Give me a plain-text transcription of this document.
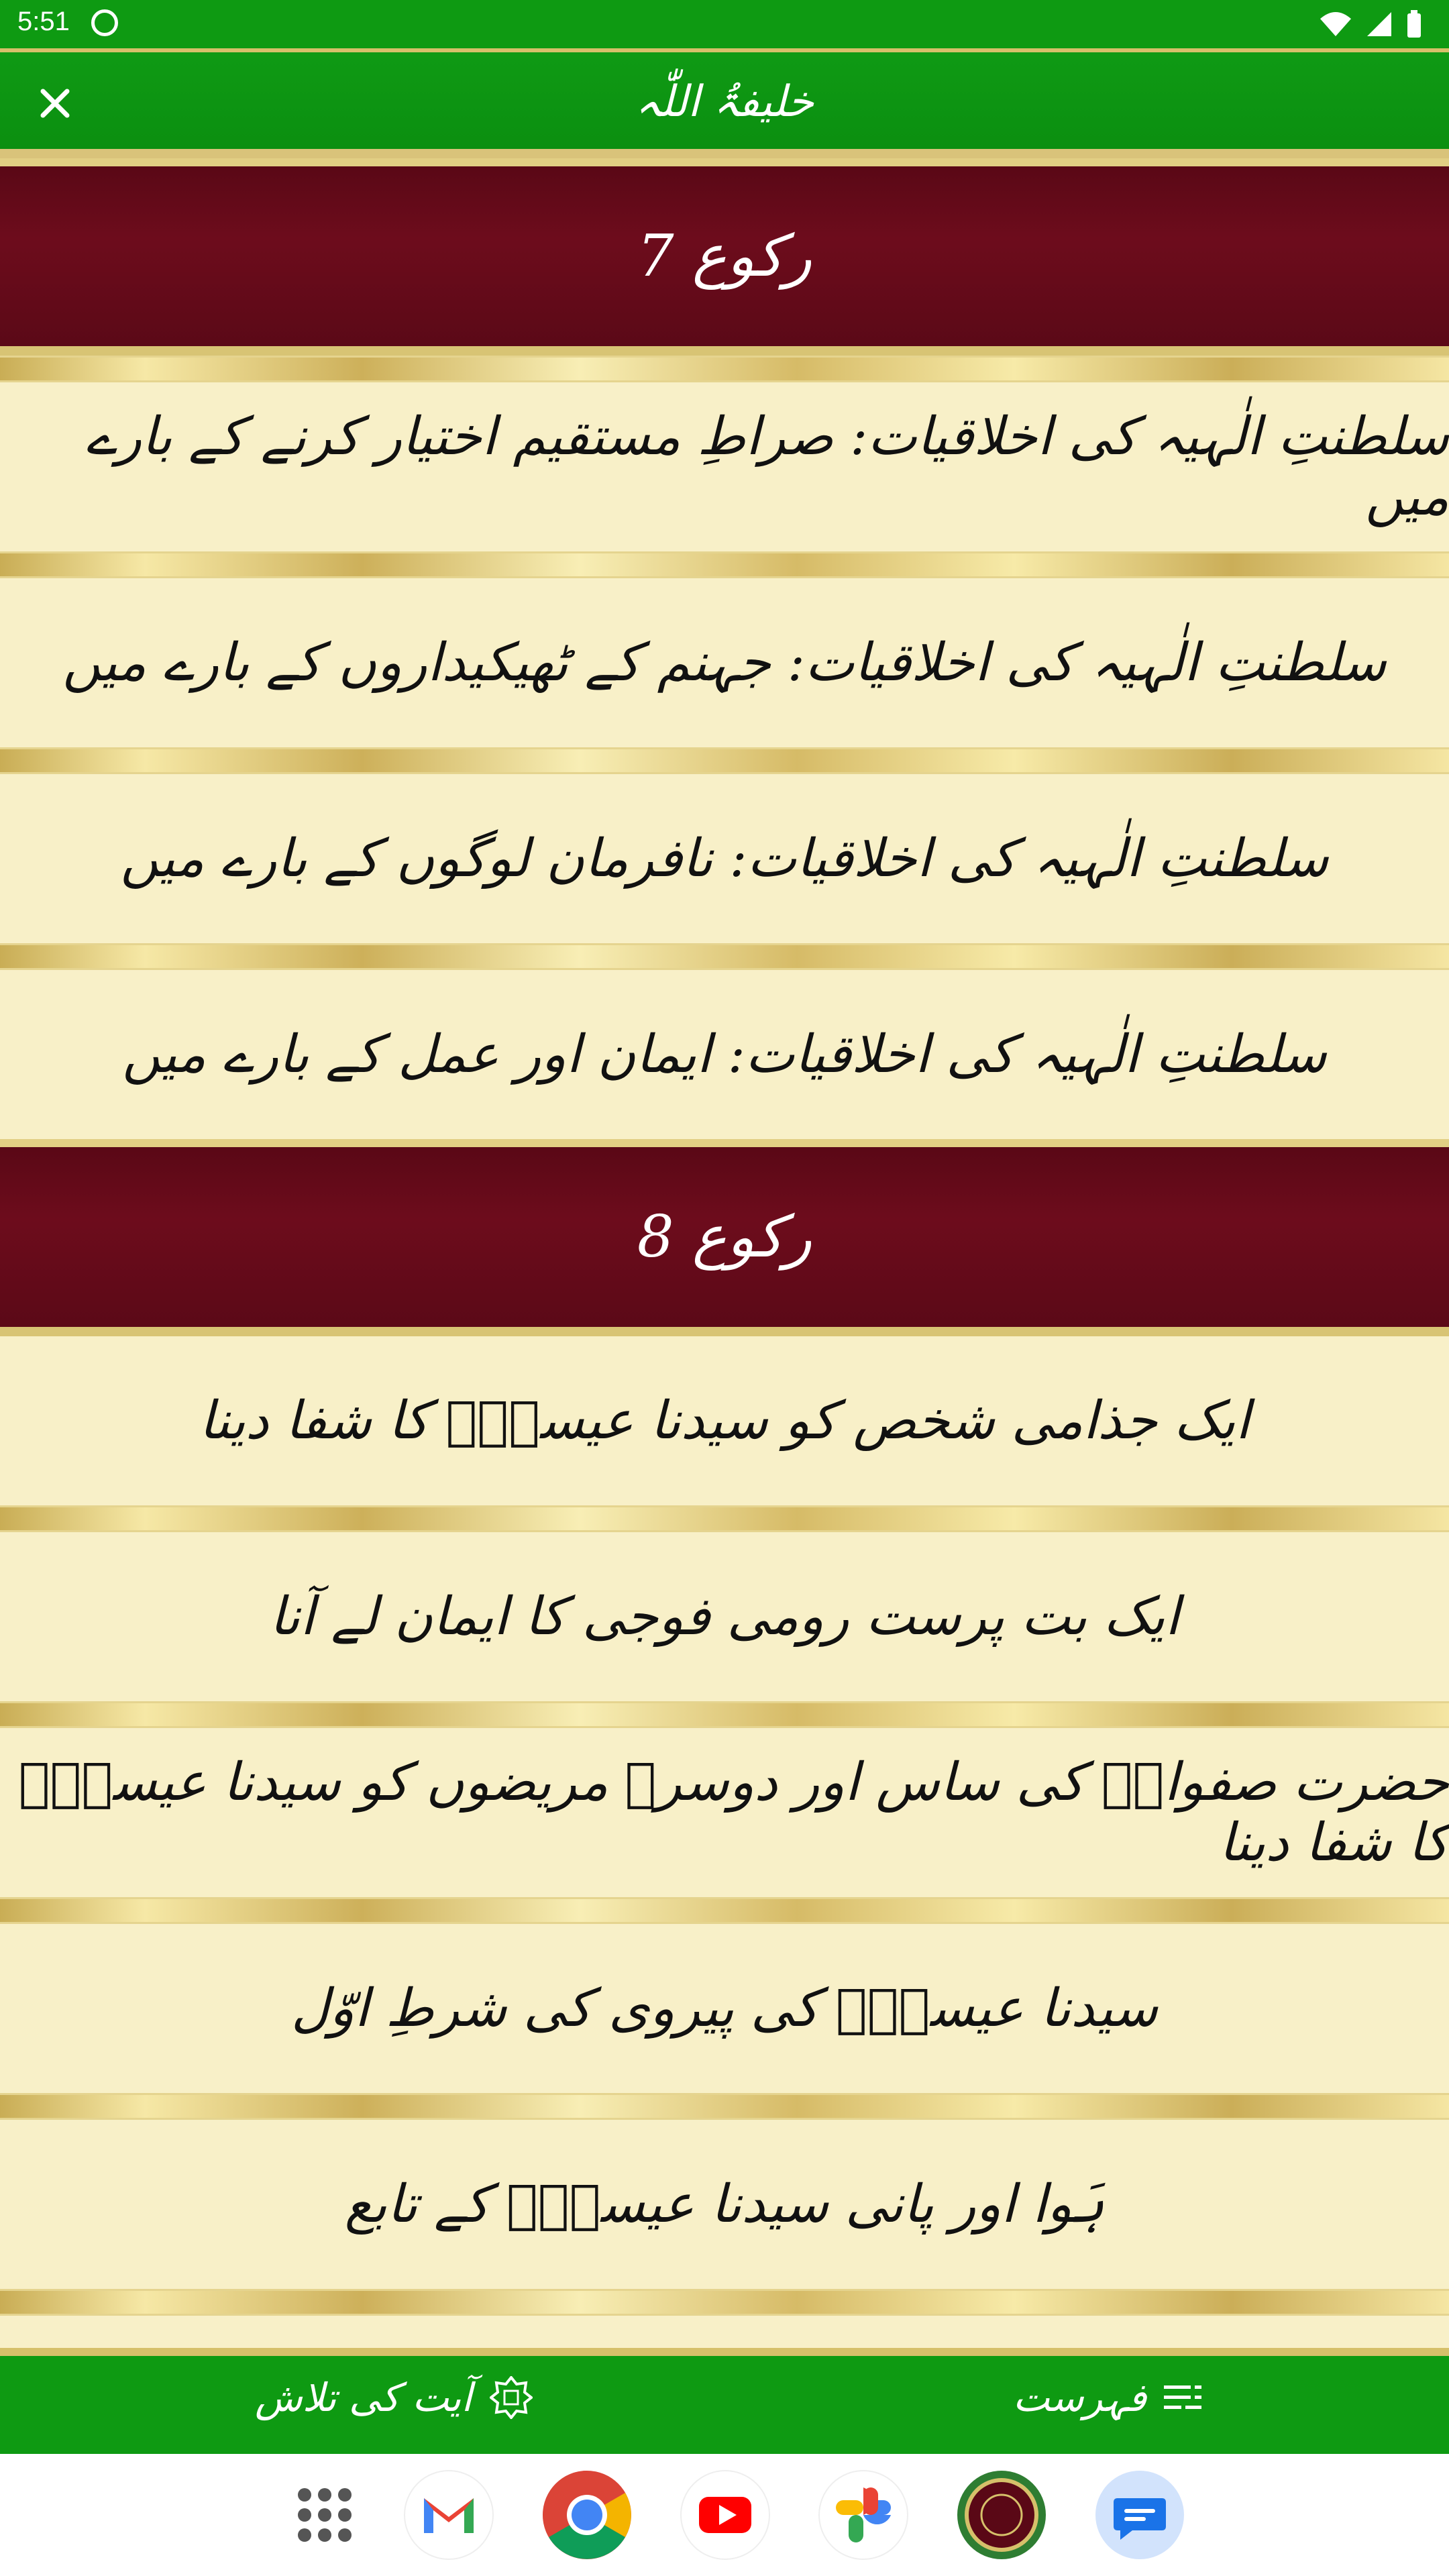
5:51
خلیفۃُ اللّٰہ
رکوع 7
سلطنتِ الٰہیہ کی اخلاقیات: صراطِ مستقیم اختیار کرنے کے بارے میں
سلطنتِ الٰہیہ کی اخلاقیات: جہنم کے ٹھیکیداروں کے بارے میں
سلطنتِ الٰہیہ کی اخلاقیات: نافرمان لوگوں کے بارے میں
سلطنتِ الٰہیہ کی اخلاقیات: ایمان اور عمل کے بارے میں
رکوع 8
ایک جذامی شخص کو سیدنا عیسیٰؑ کا شفا دینا
ایک بت پرست رومی فوجی کا ایمان لے آنا
حضرت صفوانؓ کی ساس اور دوسرے مریضوں کو سیدنا عیسیٰؑ کا شفا دینا
سیدنا عیسیٰؑ کی پیروی کی شرطِ اوّل
ہَوا اور پانی سیدنا عیسیٰؑ کے تابع
آیت کی تلاش	فہرست
